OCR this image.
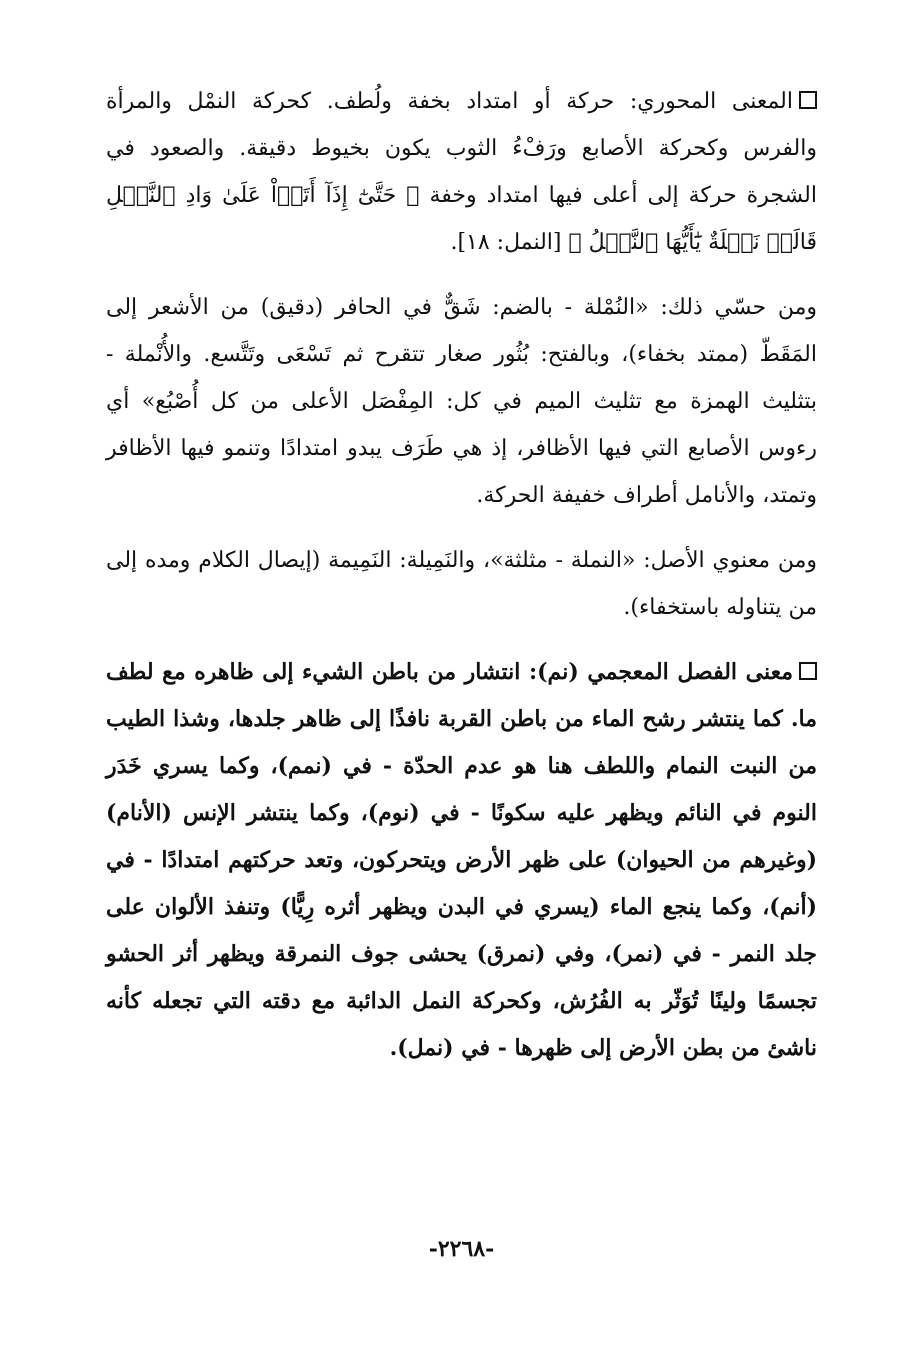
المعنى المحوري: حركة أو امتداد بخفة ولُطف. كحركة النمْل والمرأة والفرس وكحركة الأصابع ورَفْءُ الثوب يكون بخيوط دقيقة. والصعود في الشجرة حركة إلى أعلى فيها امتداد وخفة ﴿ حَتَّىٰٓ إِذَآ أَتَوۡاْ عَلَىٰ وَادِ ٱلنَّمۡلِ قَالَتۡ نَمۡلَةٌ يَٰٓأَيُّهَا ٱلنَّمۡلُ ﴾ [النمل: ١٨].

ومن حسّي ذلك: «النُمْلة - بالضم: شَقٌّ في الحافر (دقيق) من الأشعر إلى المَقَطّ (ممتد بخفاء)، وبالفتح: بُثُور صغار تتقرح ثم تَسْعَى وتَتَّسع. والأُنْملة - بتثليث الهمزة مع تثليث الميم في كل: المِفْصَل الأعلى من كل أُصْبُع» أي رءوس الأصابع التي فيها الأظافر، إذ هي طَرَف يبدو امتدادًا وتنمو فيها الأظافر وتمتد، والأنامل أطراف خفيفة الحركة.

ومن معنوي الأصل: «النملة - مثلثة»، والنَمِيلة: النَمِيمة (إيصال الكلام ومده إلى من يتناوله باستخفاء).

معنى الفصل المعجمي (نم): انتشار من باطن الشيء إلى ظاهره مع لطف ما. كما ينتشر رشح الماء من باطن القربة نافذًا إلى ظاهر جلدها، وشذا الطيب من النبت النمام واللطف هنا هو عدم الحدّة - في (نمم)، وكما يسري خَدَر النوم في النائم ويظهر عليه سكونًا - في (نوم)، وكما ينتشر الإنس (الأنام) (وغيرهم من الحيوان) على ظهر الأرض ويتحركون، وتعد حركتهم امتدادًا - في (أنم)، وكما ينجع الماء (يسري في البدن ويظهر أثره رِيًّا) وتنفذ الألوان على جلد النمر - في (نمر)، وفي (نمرق) يحشى جوف النمرقة ويظهر أثر الحشو تجسمًا ولينًا تُوَثّر به الفُرُش، وكحركة النمل الدائبة مع دقته التي تجعله كأنه ناشئ من بطن الأرض إلى ظهرها - في (نمل).

-٢٢٦٨-
